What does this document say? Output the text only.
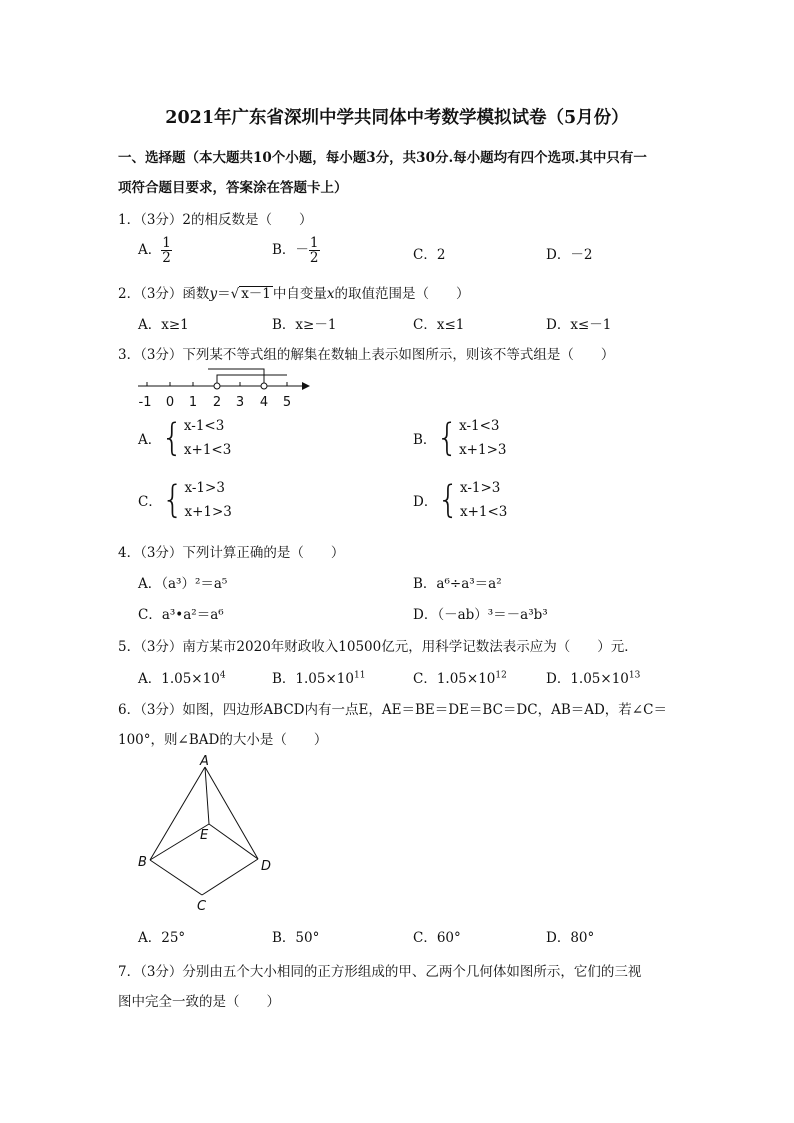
2021年广东省深圳中学共同体中考数学模拟试卷（5月份）
一、选择题（本大题共10个小题，每小题3分，共30分.每小题均有四个选项.其中只有一
项符合题目要求，答案涂在答题卡上）
1．（3分）2的相反数是（　　）
A． $\frac{1}{2}$	B．－ $\frac{1}{2}$	C．2	D．－2
2．（3分）函数y＝√ x－1 中自变量x的取值范围是（　　）
A．x≥1	B．x≥－1	C．x≤1	D．x≤－1
3．（3分）下列某不等式组的解集在数轴上表示如图所示，则该不等式组是（　　）
-1 0 1 2 3 4 5
A． { x-1<3
x+1<3
B． { x-1<3
x+1>3
C． { x-1>3
x+1>3
D． { x-1>3
x+1<3
4．（3分）下列计算正确的是（　　）
A．（a³）²＝a⁵	B．a⁶÷a³＝a²
C．a³•a²＝a⁶	D．（－ab）³＝－a³b³
5．（3分）南方某市2020年财政收入10500亿元，用科学记数法表示应为（　　）元．
A．$1.05\times 10^4$	B．$1.05\times 10^{11}$	C．$1.05\times 10^{12}$	D．$1.05\times 10^{13}$
6．（3分）如图，四边形ABCD内有一点E，AE＝BE＝DE＝BC＝DC，AB＝AD，若∠C＝
100°，则∠BAD的大小是（　　）
A
B
C
D
E
A．25°	B．50°	C．60°	D．80°
7．（3分）分别由五个大小相同的正方形组成的甲、乙两个几何体如图所示，它们的三视
图中完全一致的是（　　）
